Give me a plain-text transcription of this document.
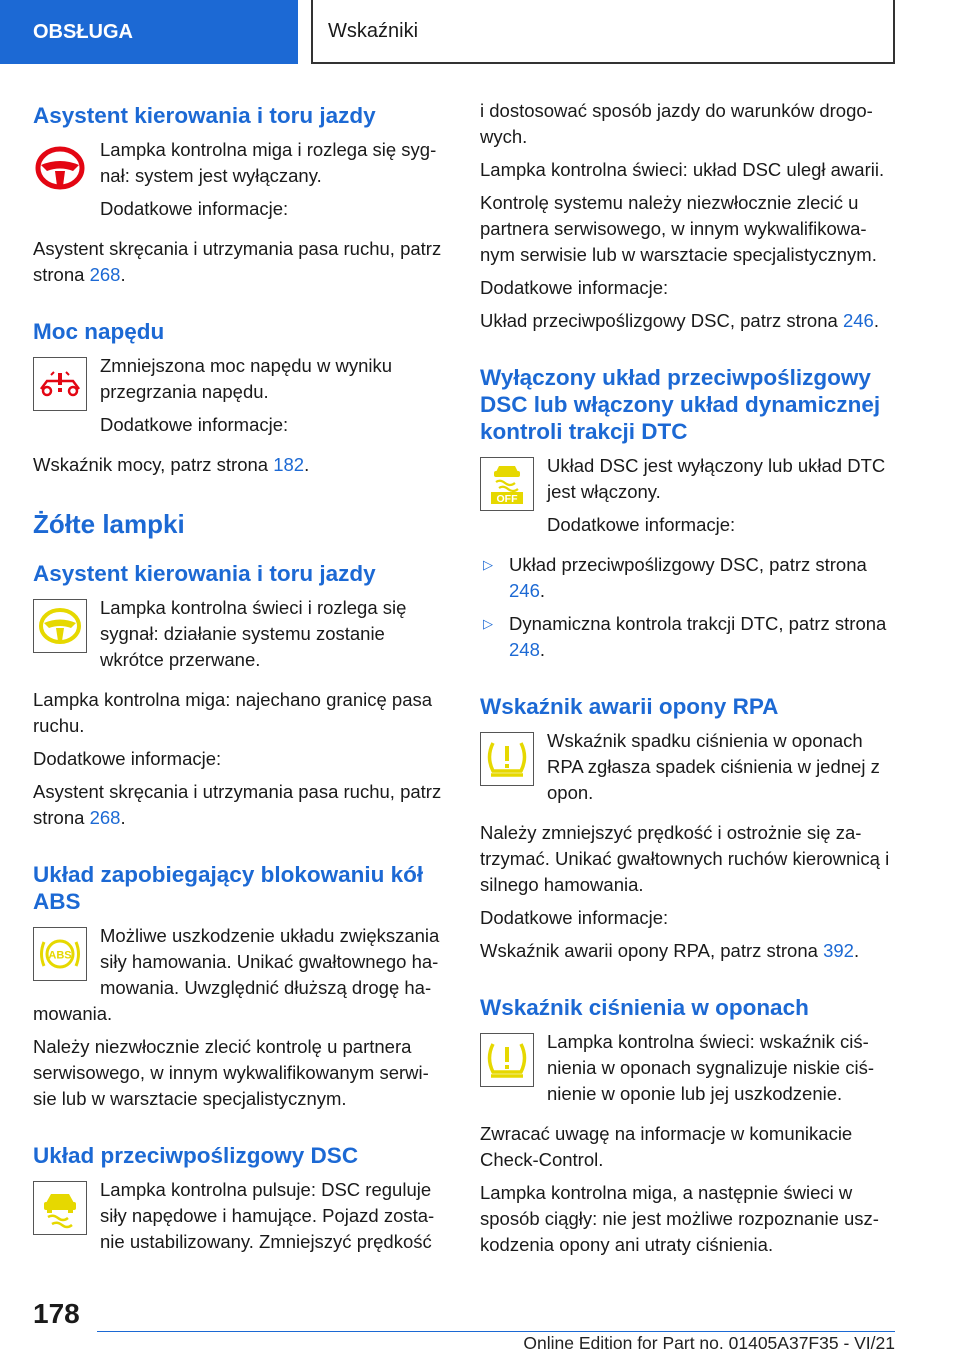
OBSŁUGA	Wskaźniki
Asystent kierowania i toru jazdy

Lampka kontrolna miga i rozlega się syg‐nał: system jest wyłączany.

Dodatkowe informacje:

Asystent skręcania i utrzymania pasa ruchu, patrz strona 268.

Moc napędu

Zmniejszona moc napędu w wyniku przegrzania napędu.

Dodatkowe informacje:

Wskaźnik mocy, patrz strona 182.

Żółte lampki
Asystent kierowania i toru jazdy

Lampka kontrolna świeci i rozlega się sygnał: działanie systemu zostanie wkrótce przerwane.

Lampka kontrolna miga: najechano granicę pasa ruchu.

Dodatkowe informacje:

Asystent skręcania i utrzymania pasa ruchu, patrz strona 268.

Układ zapobiegający blokowaniu kół ABS
ABS

Możliwe uszkodzenie układu zwiększania siły hamowania. Unikać gwałtownego ha‐mowania. Uwzględnić dłuższą drogę ha‐

mowania.

Należy niezwłocznie zlecić kontrolę u partnera serwisowego, w innym wykwalifikowanym serwi‐sie lub w warsztacie specjalistycznym.

Układ przeciwpoślizgowy DSC

Lampka kontrolna pulsuje: DSC reguluje siły napędowe i hamujące. Pojazd zosta‐nie ustabilizowany. Zmniejszyć prędkość

i dostosować sposób jazdy do warunków drogo‐wych.

Lampka kontrolna świeci: układ DSC uległ awarii.

Kontrolę systemu należy niezwłocznie zlecić u partnera serwisowego, w innym wykwalifikowa‐nym serwisie lub w warsztacie specjalistycznym.

Dodatkowe informacje:

Układ przeciwpoślizgowy DSC, patrz strona 246.

Wyłączony układ przeciwpoślizgowy DSC lub włączony układ dynamicznej kontroli trakcji DTC
OFF

Układ DSC jest wyłączony lub układ DTC jest włączony.

Dodatkowe informacje:

▷ Układ przeciwpoślizgowy DSC, patrz strona 246.
▷ Dynamiczna kontrola trakcji DTC, patrz strona 248.
Wskaźnik awarii opony RPA

Wskaźnik spadku ciśnienia w oponach RPA zgłasza spadek ciśnienia w jednej z opon.

Należy zmniejszyć prędkość i ostrożnie się za‐trzymać. Unikać gwałtownych ruchów kierownicą i silnego hamowania.

Dodatkowe informacje:

Wskaźnik awarii opony RPA, patrz strona 392.

Wskaźnik ciśnienia w oponach

Lampka kontrolna świeci: wskaźnik ciś‐nienia w oponach sygnalizuje niskie ciś‐nienie w oponie lub jej uszkodzenie.

Zwracać uwagę na informacje w komunikacie Check-Control.

Lampka kontrolna miga, a następnie świeci w sposób ciągły: nie jest możliwe rozpoznanie usz‐kodzenia opony ani utraty ciśnienia.

178
Online Edition for Part no. 01405A37F35 - VI/21
